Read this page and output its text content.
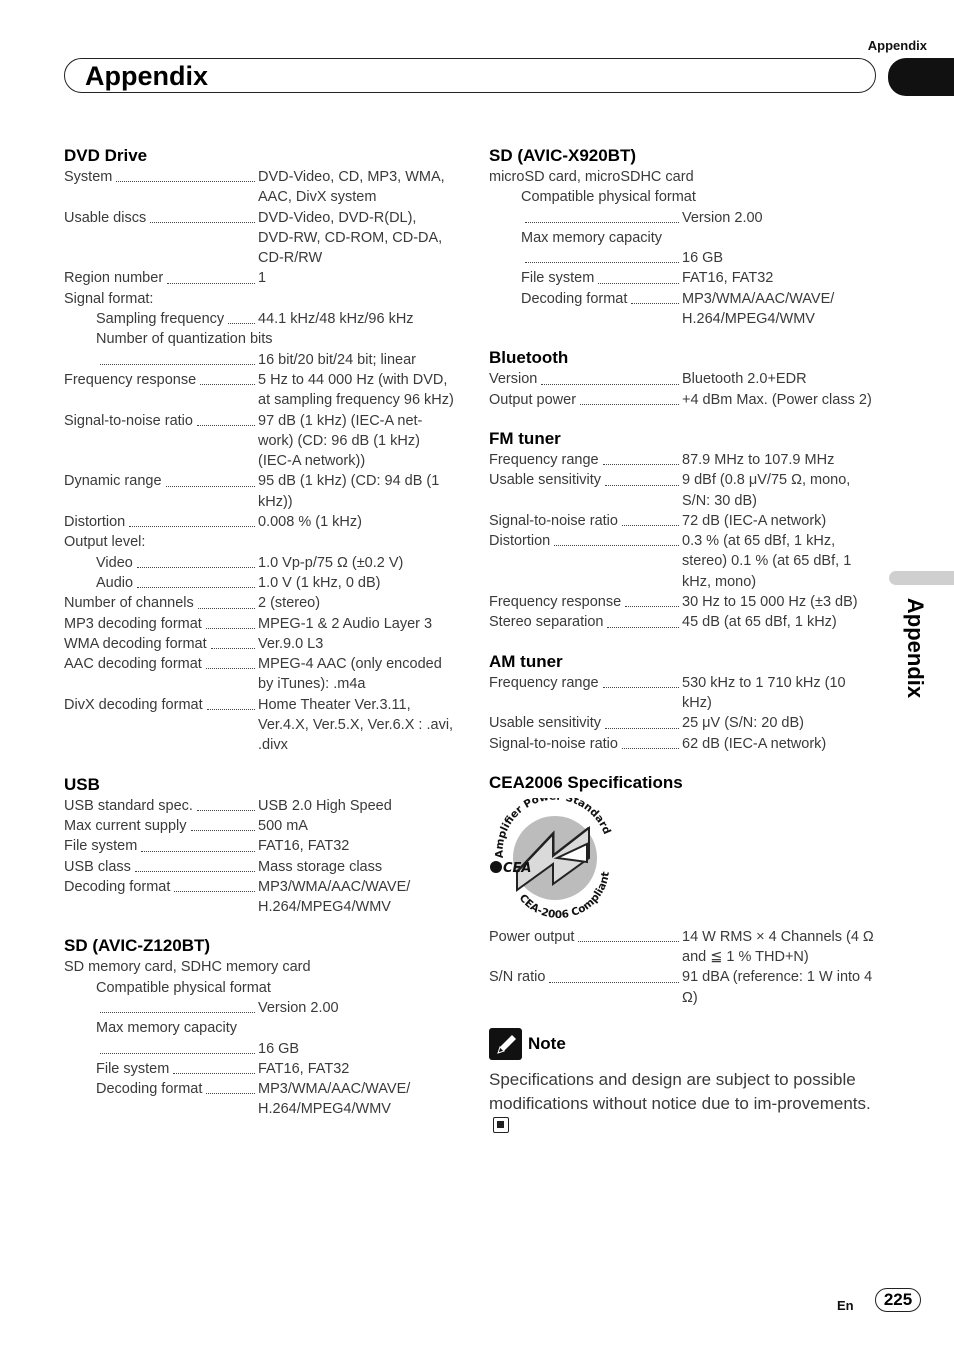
Appendix
Appendix
Appendix
DVD Drive
System	DVD-Video, CD, MP3, WMA, AAC, DivX system
Usable discs	DVD-Video, DVD-R(DL), DVD-RW, CD-ROM, CD-DA, CD-R/RW
Region number	1
Signal format:
Sampling frequency 44.1 kHz/48 kHz/96 kHz
Number of quantization bits
16 bit/20 bit/24 bit; linear
Frequency response	5 Hz to 44 000 Hz (with DVD, at sampling frequency 96 kHz)
Signal-to-noise ratio	97 dB (1 kHz) (IEC-A net-work) (CD: 96 dB (1 kHz) (IEC-A network))
Dynamic range	95 dB (1 kHz) (CD: 94 dB (1 kHz))
Distortion	0.008 % (1 kHz)
Output level:
Video	1.0 Vp-p/75 Ω (±0.2 V)
Audio	1.0 V (1 kHz, 0 dB)
Number of channels	2 (stereo)
MP3 decoding format	MPEG-1 & 2 Audio Layer 3
WMA decoding format	Ver.9.0 L3
AAC decoding format	MPEG-4 AAC (only encoded by iTunes): .m4a
DivX decoding format	Home Theater Ver.3.11, Ver.4.X, Ver.5.X, Ver.6.X : .avi, .divx
USB
USB standard spec.	USB 2.0 High Speed
Max current supply	500 mA
File system	FAT16, FAT32
USB class	Mass storage class
Decoding format	MP3/WMA/AAC/WAVE/ H.264/MPEG4/WMV
SD (AVIC-Z120BT)
SD memory card, SDHC memory card
Compatible physical format
Version 2.00
Max memory capacity
16 GB
File system	FAT16, FAT32
Decoding format	MP3/WMA/AAC/WAVE/ H.264/MPEG4/WMV
SD (AVIC-X920BT)
microSD card, microSDHC card
Compatible physical format
Version 2.00
Max memory capacity
16 GB
File system	FAT16, FAT32
Decoding format	MP3/WMA/AAC/WAVE/ H.264/MPEG4/WMV
Bluetooth
Version	Bluetooth 2.0+EDR
Output power	+4 dBm Max. (Power class 2)
FM tuner
Frequency range	87.9 MHz to 107.9 MHz
Usable sensitivity	9 dBf (0.8 μV/75 Ω, mono, S/N: 30 dB)
Signal-to-noise ratio	72 dB (IEC-A network)
Distortion	0.3 % (at 65 dBf, 1 kHz, stereo) 0.1 % (at 65 dBf, 1 kHz, mono)
Frequency response	30 Hz to 15 000 Hz (±3 dB)
Stereo separation	45 dB (at 65 dBf, 1 kHz)
AM tuner
Frequency range	530 kHz to 1 710 kHz (10 kHz)
Usable sensitivity	25 μV (S/N: 20 dB)
Signal-to-noise ratio	62 dB (IEC-A network)
CEA2006 Specifications
Amplifier Po Standard
CEA-2006 Compliant
CEA
Power output	14 W RMS × 4 Channels (4 Ω and ≦ 1 % THD+N)
S/N ratio	91 dBA (reference: 1 W into 4 Ω)
Note
Specifications and design are subject to possible modifications without notice due to im-provements.
En	225
